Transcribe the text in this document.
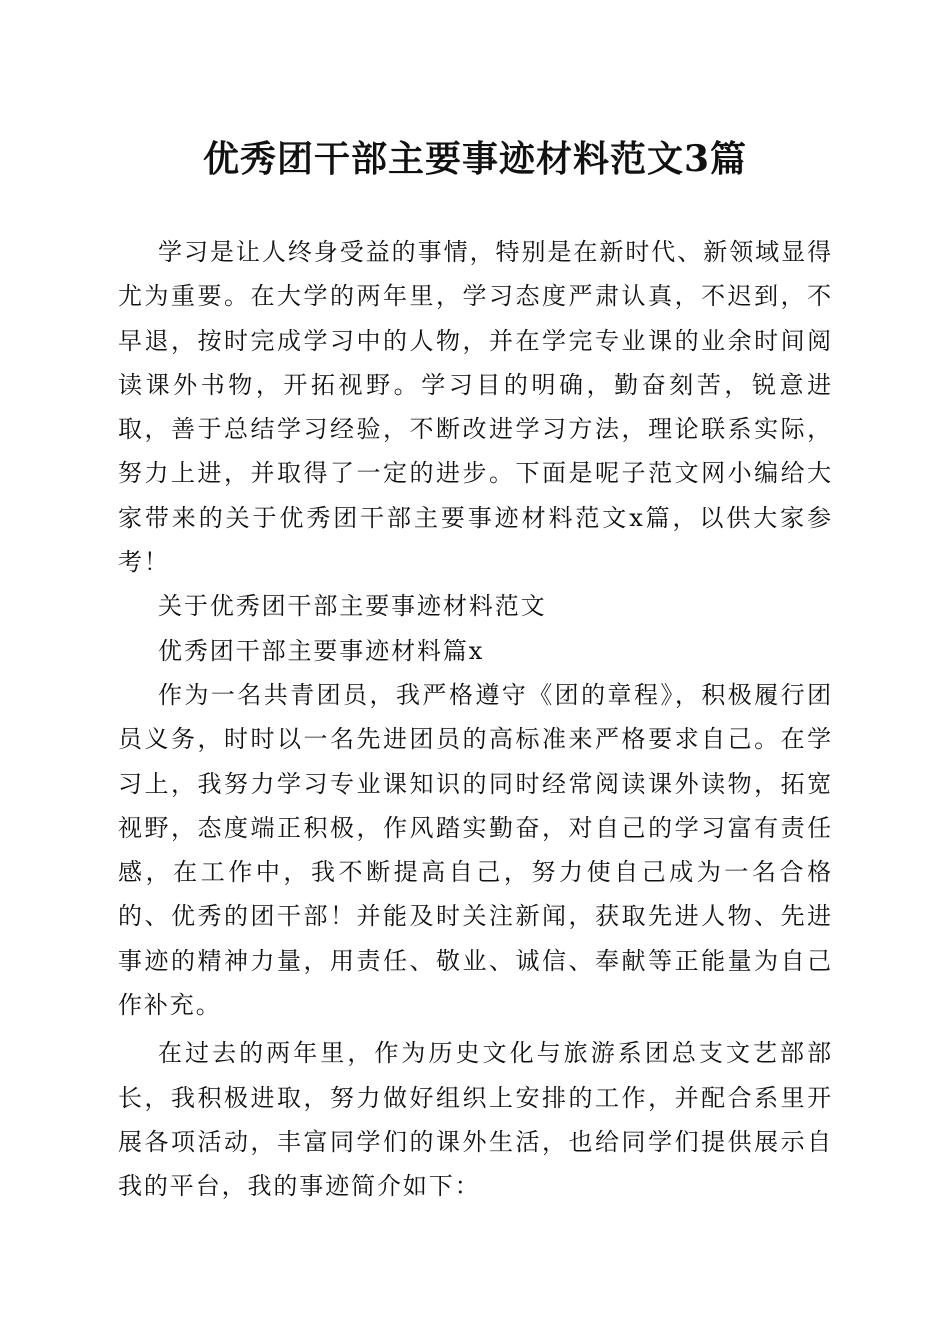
优秀团干部主要事迹材料范文3篇

学习是让人终身受益的事情，特别是在新时代、新领域显得尤为重要。在大学的两年里，学习态度严肃认真，不迟到，不早退，按时完成学习中的人物，并在学完专业课的业余时间阅读课外书物，开拓视野。学习目的明确，勤奋刻苦，锐意进取，善于总结学习经验，不断改进学习方法，理论联系实际，努力上进，并取得了一定的进步。下面是呢子范文网小编给大家带来的关于优秀团干部主要事迹材料范文x篇，以供大家参考！

关于优秀团干部主要事迹材料范文

优秀团干部主要事迹材料篇x

作为一名共青团员，我严格遵守《团的章程》，积极履行团员义务，时时以一名先进团员的高标准来严格要求自己。在学习上，我努力学习专业课知识的同时经常阅读课外读物，拓宽视野，态度端正积极，作风踏实勤奋，对自己的学习富有责任感，在工作中，我不断提高自己，努力使自己成为一名合格的、优秀的团干部！并能及时关注新闻，获取先进人物、先进事迹的精神力量，用责任、敬业、诚信、奉献等正能量为自己作补充。

在过去的两年里，作为历史文化与旅游系团总支文艺部部长，我积极进取，努力做好组织上安排的工作，并配合系里开展各项活动，丰富同学们的课外生活，也给同学们提供展示自我的平台，我的事迹简介如下：
